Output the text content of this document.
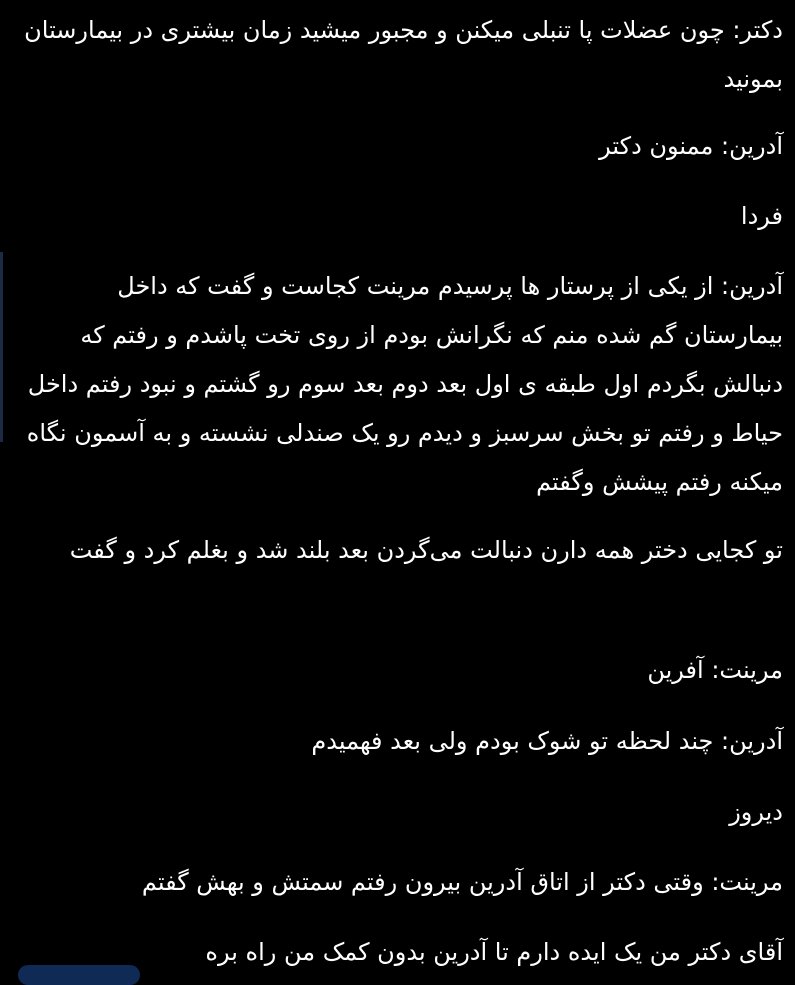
دکتر: چون عضلات پا تنبلی میکنن و مجبور میشید زمان بیشتری در بیمارستان بمونید

آدرین: ممنون دکتر

فردا

آدرین: از یکی از پرستار ها پرسیدم مرینت کجاست و گفت که داخل بیمارستان گم شده منم که نگرانش بودم از روی تخت پاشدم و رفتم که دنبالش بگردم اول طبقه ی اول بعد دوم بعد سوم رو گشتم و نبود رفتم داخل حیاط و رفتم تو بخش سرسبز و دیدم رو یک صندلی نشسته و به آسمون نگاه میکنه رفتم پیشش وگفتم

تو کجایی دختر همه دارن دنبالت می‌گردن بعد بلند شد و بغلم کرد و گفت

مرینت: آفرین

آدرین: چند لحظه تو شوک بودم ولی بعد فهمیدم

دیروز

مرینت: وقتی دکتر از اتاق آدرین بیرون رفتم سمتش و بهش گفتم

آقای دکتر من یک ایده دارم تا آدرین بدون کمک من راه بره
